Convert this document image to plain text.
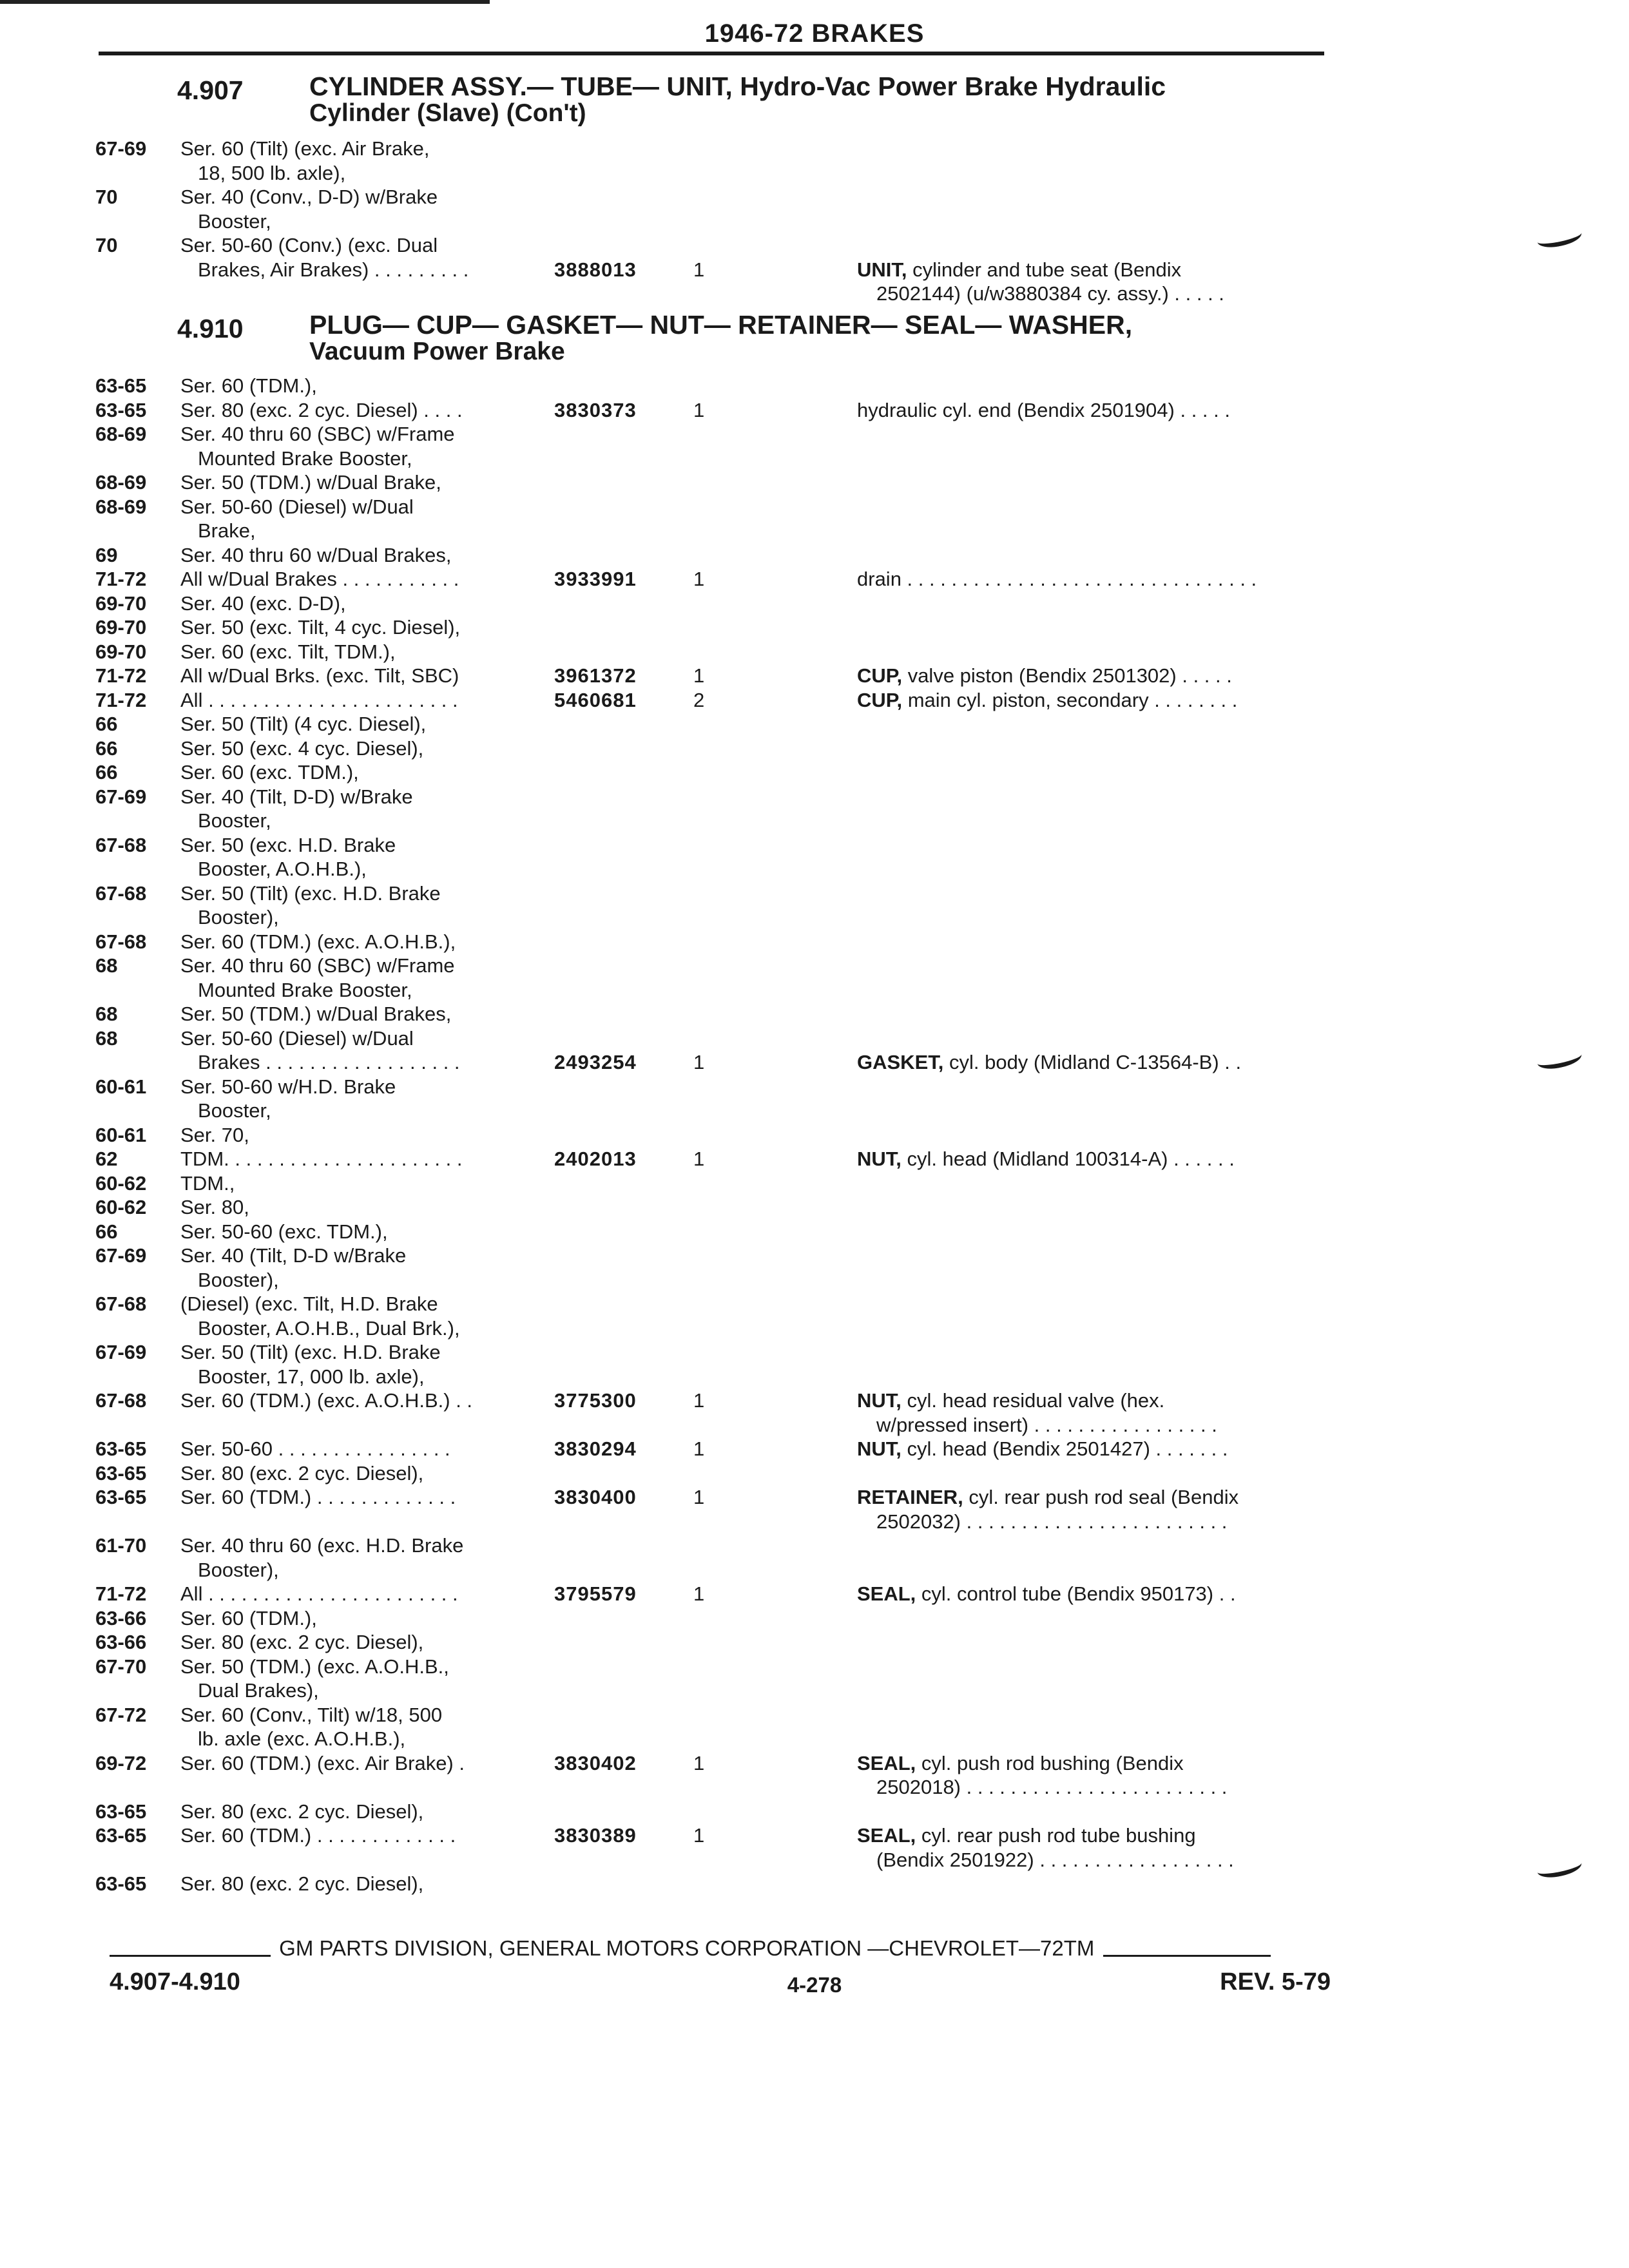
1946-72 BRAKES
4.907 CYLINDER ASSY.— TUBE— UNIT, Hydro-Vac Power Brake Hydraulic
Cylinder (Slave) (Con't)
4.910 PLUG— CUP— GASKET— NUT— RETAINER— SEAL— WASHER,
Vacuum Power Brake
67-69 Ser. 60 (Tilt) (exc. Air Brake,
18, 500 lb. axle),
70	Ser. 40 (Conv., D-D) w/Brake
Booster,
70	Ser. 50-60 (Conv.) (exc. Dual
Brakes, Air Brakes) . . . . . . . . .	3888013	1	UNIT, cylinder and tube seat (Bendix
2502144) (u/w3880384 cy. assy.) . . . . .
63-65 Ser. 60 (TDM.),
63-65 Ser. 80 (exc. 2 cyc. Diesel) . . . .	3830373	1	hydraulic cyl. end (Bendix 2501904) . . . . .
68-69 Ser. 40 thru 60 (SBC) w/Frame
Mounted Brake Booster,
68-69 Ser. 50 (TDM.) w/Dual Brake,
68-69 Ser. 50-60 (Diesel) w/Dual
Brake,
69	Ser. 40 thru 60 w/Dual Brakes,
71-72 All w/Dual Brakes . . . . . . . . . . .	3933991	1	drain . . . . . . . . . . . . . . . . . . . . . . . . . . . . . . . .
69-70 Ser. 40 (exc. D-D),
69-70 Ser. 50 (exc. Tilt, 4 cyc. Diesel),
69-70 Ser. 60 (exc. Tilt, TDM.),
71-72 All w/Dual Brks. (exc. Tilt, SBC)	3961372	1	CUP, valve piston (Bendix 2501302) . . . . .
71-72 All . . . . . . . . . . . . . . . . . . . . . . .	5460681	2	CUP, main cyl. piston, secondary . . . . . . . .
66	Ser. 50 (Tilt) (4 cyc. Diesel),
66	Ser. 50 (exc. 4 cyc. Diesel),
66	Ser. 60 (exc. TDM.),
67-69 Ser. 40 (Tilt, D-D) w/Brake
Booster,
67-68 Ser. 50 (exc. H.D. Brake
Booster, A.O.H.B.),
67-68 Ser. 50 (Tilt) (exc. H.D. Brake
Booster),
67-68 Ser. 60 (TDM.) (exc. A.O.H.B.),
68	Ser. 40 thru 60 (SBC) w/Frame
Mounted Brake Booster,
68	Ser. 50 (TDM.) w/Dual Brakes,
68	Ser. 50-60 (Diesel) w/Dual
Brakes . . . . . . . . . . . . . . . . . .	2493254	1	GASKET, cyl. body (Midland C-13564-B) . .
60-61 Ser. 50-60 w/H.D. Brake
Booster,
60-61 Ser. 70,
62	TDM. . . . . . . . . . . . . . . . . . . . . .	2402013	1	NUT, cyl. head (Midland 100314-A) . . . . . .
60-62 TDM.,
60-62 Ser. 80,
66	Ser. 50-60 (exc. TDM.),
67-69 Ser. 40 (Tilt, D-D w/Brake
Booster),
67-68 (Diesel) (exc. Tilt, H.D. Brake
Booster, A.O.H.B., Dual Brk.),
67-69 Ser. 50 (Tilt) (exc. H.D. Brake
Booster, 17, 000 lb. axle),
67-68 Ser. 60 (TDM.) (exc. A.O.H.B.) . .	3775300	1	NUT, cyl. head residual valve (hex.
w/pressed insert) . . . . . . . . . . . . . . . . .
63-65 Ser. 50-60 . . . . . . . . . . . . . . . .	3830294	1	NUT, cyl. head (Bendix 2501427) . . . . . . .
63-65 Ser. 80 (exc. 2 cyc. Diesel),
63-65 Ser. 60 (TDM.) . . . . . . . . . . . . .	3830400	1	RETAINER, cyl. rear push rod seal (Bendix
2502032) . . . . . . . . . . . . . . . . . . . . . . . .
61-70 Ser. 40 thru 60 (exc. H.D. Brake
Booster),
71-72 All . . . . . . . . . . . . . . . . . . . . . . .	3795579	1	SEAL, cyl. control tube (Bendix 950173) . .
63-66 Ser. 60 (TDM.),
63-66 Ser. 80 (exc. 2 cyc. Diesel),
67-70 Ser. 50 (TDM.) (exc. A.O.H.B.,
Dual Brakes),
67-72 Ser. 60 (Conv., Tilt) w/18, 500
lb. axle (exc. A.O.H.B.),
69-72 Ser. 60 (TDM.) (exc. Air Brake) .	3830402	1	SEAL, cyl. push rod bushing (Bendix
2502018) . . . . . . . . . . . . . . . . . . . . . . . .
63-65 Ser. 80 (exc. 2 cyc. Diesel),
63-65 Ser. 60 (TDM.) . . . . . . . . . . . . .	3830389	1	SEAL, cyl. rear push rod tube bushing
(Bendix 2501922) . . . . . . . . . . . . . . . . . .
63-65 Ser. 80 (exc. 2 cyc. Diesel),
GM PARTS DIVISION, GENERAL MOTORS CORPORATION —CHEVROLET—72TM
4.907-4.910	4-278	REV. 5-79
